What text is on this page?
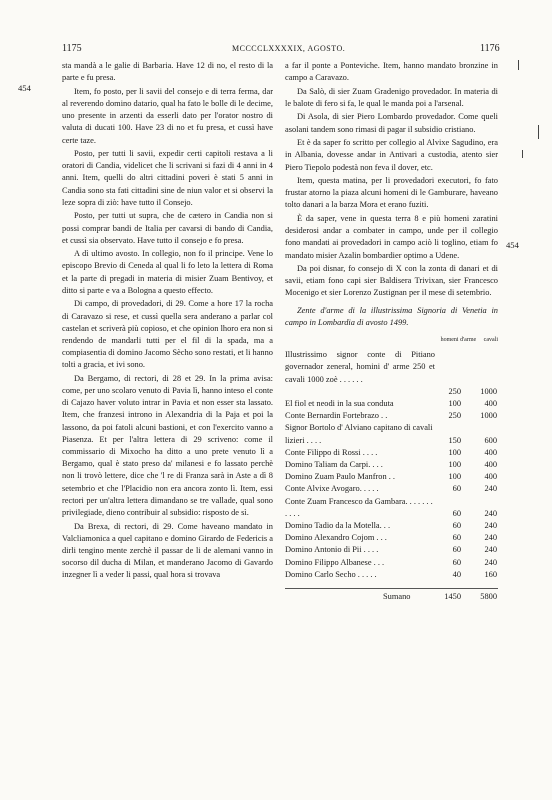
1175	MCCCCLXXXXIX, AGOSTO.	1176
454
454
sta mandà a le galie di Barbaria. Have 12 di no, el resto di la parte e fu presa.
Item, fo posto, per li savii del consejo e di terra ferma, dar al reverendo domino datario, qual ha fato le bolle di le decime, uno presente in arzenti da esserli dato per l'orator nostro di valuta di ducati 100. Have 23 di no et fu presa, et cussì have certe taze.
Posto, per tutti li savii, expedir certi capitoli restava a li oratori di Candia, videlicet che li scrivani si fazi di 4 anni in 4 anni. Item, quelli do altri cittadini poveri è stati 5 anni in Candia sono sta fati cittadini sine de niun valor et si observi la leze sopra di ziò: have tutto il Consejo.
Posto, per tutti ut supra, che de cætero in Candia non si possi comprar bandi de Italia per cavarsi di bando di Candia, et cussì sia observato. Have tutto il consejo e fo presa.
A dì ultimo avosto. In collegio, non fo il principe. Vene lo episcopo Brevio di Ceneda al qual li fo leto la lettera di Roma et la parte di pregadi in materia di misier Zuam Bentivoy, et ditto si parte e va a Bologna a questo effecto.
Di campo, di provedadori, di 29. Come a hore 17 la rocha di Caravazo si rese, et cussì quella sera anderano a parlar col castelan et scriverà più copioso, et che opinion lhoro era non si rendendo de mandarli tutti per el fil di la spada, ma a compiasentia di domino Jacomo Sècho sono restati, et li hanno tolti a gracia, et ivi sono.
Da Bergamo, di rectori, di 28 et 29. In la prima avisa: come, per uno scolaro venuto di Pavia lì, hanno inteso el conte di Cajazo haver voluto intrar in Pavia et non esser sta lassato. Item, che franzesi introno in Alexandria di la Paja et poi la lassono, da poi fatoli alcuni bastioni, et con l'exercito vanno a Piasenza. Et per l'altra lettera di 29 scriveno: come il commissario di Mixocho ha ditto a uno prete venuto lì a Bergamo, qual è stato preso da' milanesi e fo lassato perchè non li trovò lettere, dice che 'l re di Franza sarà in Aste a dì 8 setembrio et che l'Placidio non era ancora zonto lì. Item, essi rectori per un'altra lettera dimandano se tre vallade, qual sono privilegiade, dieno contribuir al subsidio: risposto de sì.
Da Brexa, di rectori, di 29. Come haveano mandato in Valcliamonica a quel capitano e domino Girardo de Federicis a dirli tengino mente zerchè il passar de li de alemani vanno in socorso dil ducha di Milan, et manderano Jacomo di Gavardo inzegner lì a veder li passi, qual hora si trovava
a far il ponte a Ponteviche. Item, hanno mandato bronzine in campo a Caravazo.
Da Salò, di sier Zuam Gradenigo provedador. In materia di le balote di fero si fa, le qual le manda poi a l'arsenal.
Di Asola, di sier Piero Lombardo provedador. Come queli asolani tandem sono rimasi di pagar il subsidio cristiano.
Et è da saper fo scritto per collegio al Alvixe Sagudino, era in Albania, dovesse andar in Antivari a custodia, atento sier Piero Tiepolo podestà non feva il dover, etc.
Item, questa matina, per li provedadori executori, fo fato frustar atorno la piaza alcuni homeni di le Gamburare, haveano tolto danari a la barza Mora et erano fuziti.
È da saper, vene in questa terra 8 e più homeni zaratini desiderosi andar a combater in campo, unde per il collegio fono mandati ai provedadori in campo aciò li toglino, etiam fo mandato misier Azalin bombardier optimo a Udene.
Da poi disnar, fo consejo di X con la zonta di danari et di savii, etiam fono capi sier Baldisera Trivixan, sier Francesco Mocenigo et sier Lorenzo Zustignan per il mese di setembrio.
Zente d'arme di la illustrissima Signoria di Venetia in campo in Lombardia di avosto 1499.
homeni d'arme cavali
Illustrissimo signor conte di Pitiano governador zeneral, homini d' arme 250 et cavali 1000 zoè . . . . . .
250	1000
El fiol et neodi in la sua conduta	100	400
Conte Bernardin Fortebrazo . .	250	1000
Signor Bortolo d' Alviano capitano di cavali lizieri . . . .	150	600
Conte Filippo di Rossi . . . .	100	400
Domino Taliam da Carpi. . . .	100	400
Domino Zuam Paulo Manfron . .	100	400
Conte Alvixe Avogaro. . . . .	60	240
Conte Zuam Francesco da Gambara. . . . . . . . . . .	60	240
Domino Tadio da la Motella. . .	60	240
Domino Alexandro Cojom . . .	60	240
Domino Antonio di Pii . . . .	60	240
Domino Filippo Albanese . . .	60	240
Domino Carlo Secho . . . . .	40	160
Sumano	1450	5800
